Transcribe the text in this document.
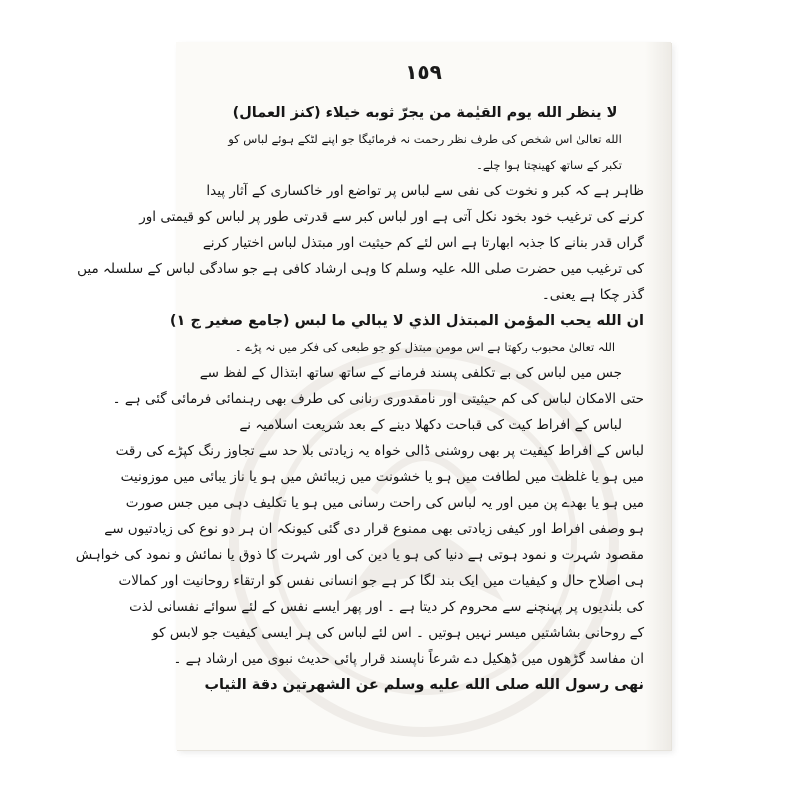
١٥٩
لا ينظر الله يوم القيٰمة من يجرّ ثوبه خيلاء (كنز العمال)
الله تعالیٰ اس شخص کی طرف نظر رحمت نہ فرمائیگا جو اپنے لٹکے ہوئے لباس کو
تکبر کے ساتھ کھینچتا ہوا چلے۔
ظاہر ہے کہ کبر و نخوت کی نفی سے لباس پر تواضع اور خاکساری کے آثار پیدا
کرنے کی ترغیب خود بخود نکل آتی ہے اور لباس کبر سے قدرتی طور پر لباس کو قیمتی اور
گراں قدر بنانے کا جذبہ ابھارتا ہے اس لئے کم حیثیت اور مبتذل لباس اختیار کرنے
کی ترغیب میں حضرت صلی اللہ علیہ وسلم کا وہی ارشاد کافی ہے جو سادگی لباس کے سلسلہ میں
گذر چکا ہے یعنی۔
ان الله يحب المؤمن المبتذل الذي لا يبالي ما لبس (جامع صغير ج ١)
اللہ تعالیٰ محبوب رکھتا ہے اس مومن مبتذل کو جو طبعی کی فکر میں نہ پڑے ۔
جس میں لباس کی بے تکلفی پسند فرمانے کے ساتھ ساتھ ابتذال کے لفظ سے
حتی الامکان لباس کی کم حیثیتی اور نامقدوری رنانی کی طرف بھی رہنمائی فرمائی گئی ہے ۔
لباس کے افراط کیت کی قباحت دکھلا دینے کے بعد شریعت اسلامیہ نے
لباس کے افراط کیفیت پر بھی روشنی ڈالی خواہ یہ زیادتی بلا حد سے تجاوز رنگ کپڑے کی رقت
میں ہو یا غلظت میں لطافت میں ہو یا خشونت میں زیبائش میں ہو یا ناز یبائی میں موزونیت
میں ہو یا بھدے پن میں اور یہ لباس کی راحت رسانی میں ہو یا تکلیف دہی میں جس صورت
ہو وصفی افراط اور کیفی زیادتی بھی ممنوع قرار دی گئی کیونکہ ان ہر دو نوع کی زیادتیوں سے
مقصود شہرت و نمود ہوتی ہے دنیا کی ہو یا دین کی اور شہرت کا ذوق یا نمائش و نمود کی خواہش
ہی اصلاح حال و کیفیات میں ایک بند لگا کر ہے جو انسانی نفس کو ارتقاء روحانیت اور کمالات
کی بلندیوں پر پہنچنے سے محروم کر دیتا ہے ۔ اور پھر ایسے نفس کے لئے سوائے نفسانی لذت
کے روحانی بشاشتیں میسر نہیں ہوتیں ۔ اس لئے لباس کی ہر ایسی کیفیت جو لابس کو
ان مفاسد گڑھوں میں ڈھکیل دے شرعاً ناپسند قرار پائی حدیث نبوی میں ارشاد ہے ۔
نهى رسول الله صلى الله عليه وسلم عن الشهرتين دقة الثياب
